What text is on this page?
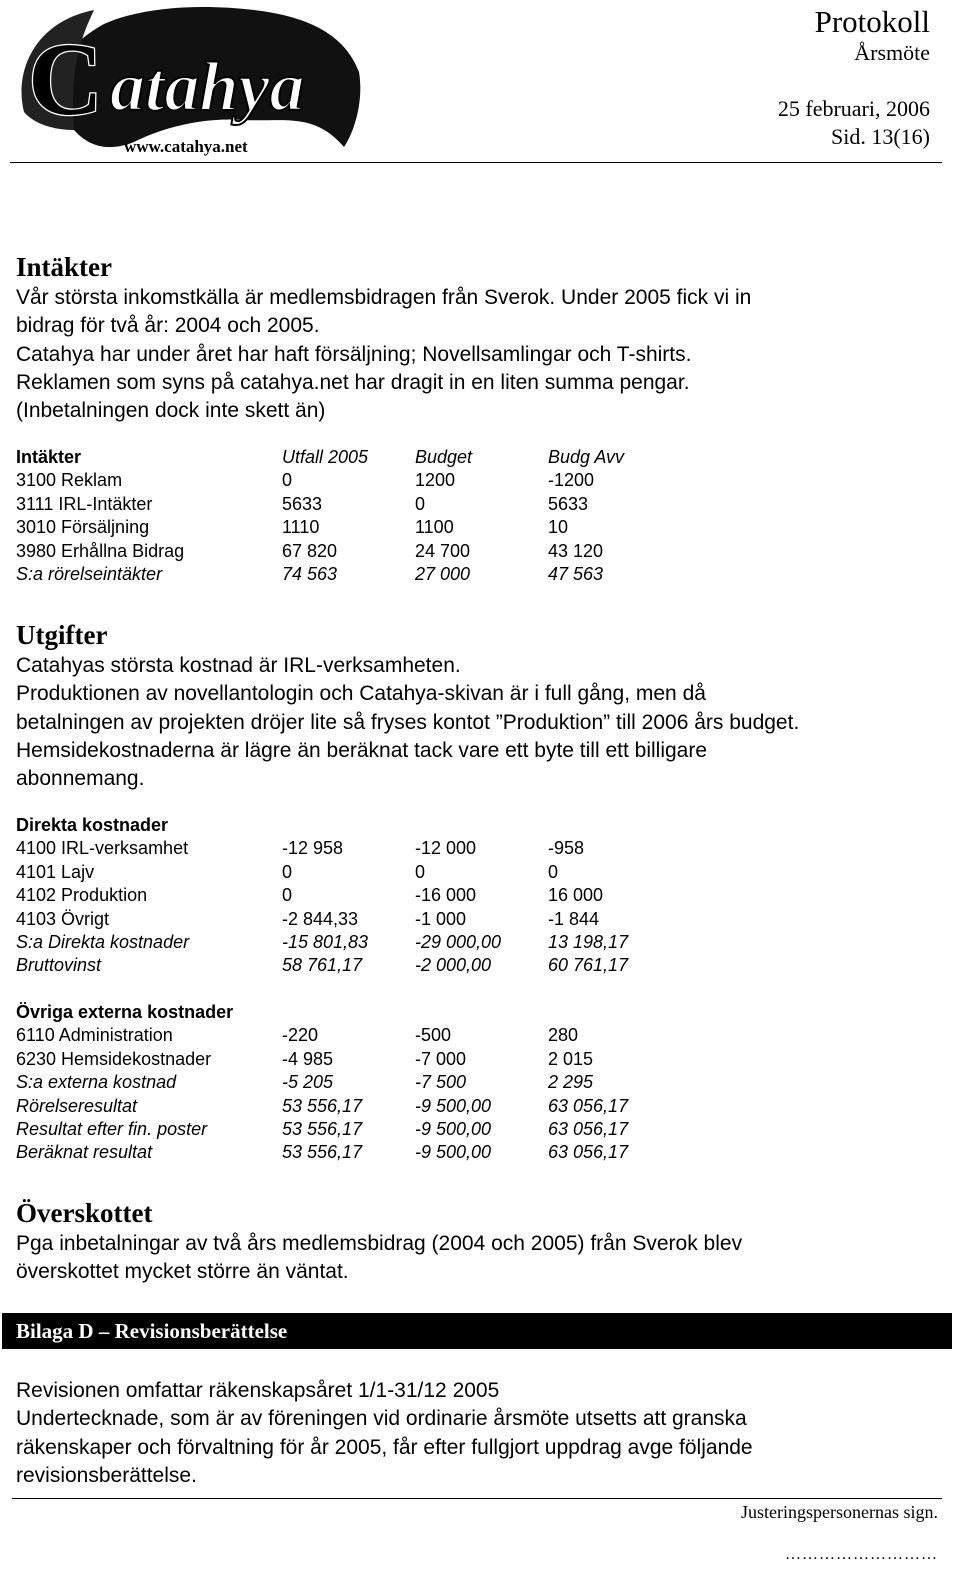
C atahya
www.catahya.net
Protokoll
Årsmöte
25 februari, 2006
Sid. 13(16)
Intäkter

Vår största inkomstkälla är medlemsbidragen från Sverok. Under 2005 fick vi in

bidrag för två år: 2004 och 2005.

Catahya har under året har haft försäljning; Novellsamlingar och T-shirts.

Reklamen som syns på catahya.net har dragit in en liten summa pengar.

(Inbetalningen dock inte skett än)

Intäkter	Utfall 2005	Budget	Budg Avv
3100 Reklam	0	1200	-1200
3111 IRL-Intäkter	5633	0	5633
3010 Försäljning	1110	1100	10
3980 Erhållna Bidrag	67 820	24 700	43 120
S:a rörelseintäkter	74 563	27 000	47 563
Utgifter

Catahyas största kostnad är IRL-verksamheten.

Produktionen av novellantologin och Catahya-skivan är i full gång, men då

betalningen av projekten dröjer lite så fryses kontot ”Produktion” till 2006 års budget.

Hemsidekostnaderna är lägre än beräknat tack vare ett byte till ett billigare

abonnemang.

Direkta kostnader			
4100 IRL-verksamhet	-12 958	-12 000	-958
4101 Lajv	0	0	0
4102 Produktion	0	-16 000	16 000
4103 Övrigt	-2 844,33	-1 000	-1 844
S:a Direkta kostnader	-15 801,83	-29 000,00	13 198,17
Bruttovinst	58 761,17	-2 000,00	60 761,17
Övriga externa kostnader			
6110 Administration	-220	-500	280
6230 Hemsidekostnader	-4 985	-7 000	2 015
S:a externa kostnad	-5 205	-7 500	2 295
Rörelseresultat	53 556,17	-9 500,00	63 056,17
Resultat efter fin. poster	53 556,17	-9 500,00	63 056,17
Beräknat resultat	53 556,17	-9 500,00	63 056,17
Överskottet

Pga inbetalningar av två års medlemsbidrag (2004 och 2005) från Sverok blev

överskottet mycket större än väntat.

Bilaga D – Revisionsberättelse

Revisionen omfattar räkenskapsåret 1/1-31/12 2005

Undertecknade, som är av föreningen vid ordinarie årsmöte utsetts att granska

räkenskaper och förvaltning för år 2005, får efter fullgjort uppdrag avge följande

revisionsberättelse.

Justeringspersonernas sign.
………………………
